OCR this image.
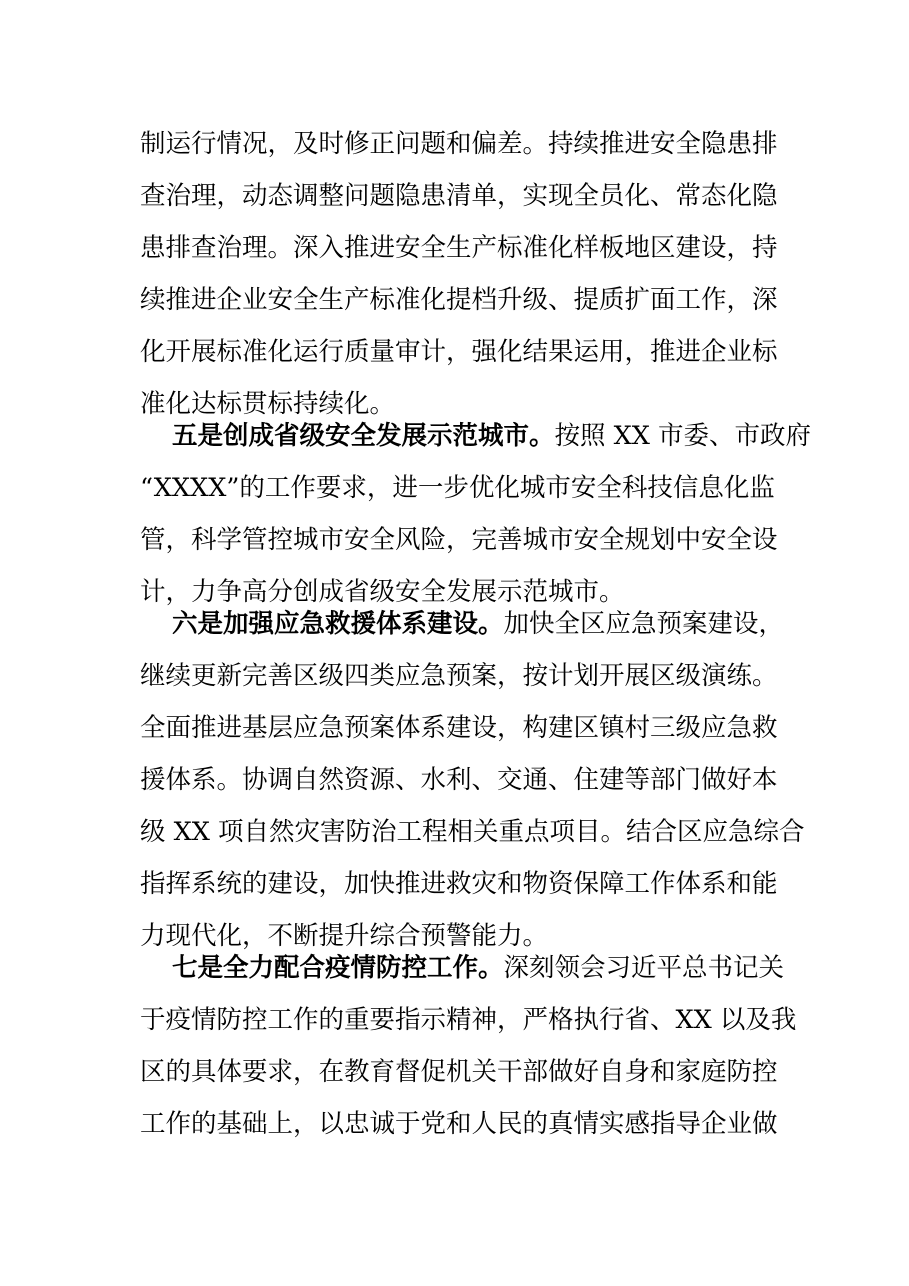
制运行情况，及时修正问题和偏差。持续推进安全隐患排
查治理，动态调整问题隐患清单，实现全员化、常态化隐
患排查治理。深入推进安全生产标准化样板地区建设，持
续推进企业安全生产标准化提档升级、提质扩面工作，深
化开展标准化运行质量审计，强化结果运用，推进企业标
准化达标贯标持续化。
五是创成省级安全发展示范城市。按照 XX 市委、市政府
“XXXX”的工作要求，进一步优化城市安全科技信息化监
管，科学管控城市安全风险，完善城市安全规划中安全设
计，力争高分创成省级安全发展示范城市。
六是加强应急救援体系建设。加快全区应急预案建设，
继续更新完善区级四类应急预案，按计划开展区级演练。
全面推进基层应急预案体系建设，构建区镇村三级应急救
援体系。协调自然资源、水利、交通、住建等部门做好本
级 XX 项自然灾害防治工程相关重点项目。结合区应急综合
指挥系统的建设，加快推进救灾和物资保障工作体系和能
力现代化，不断提升综合预警能力。
七是全力配合疫情防控工作。深刻领会习近平总书记关
于疫情防控工作的重要指示精神，严格执行省、XX 以及我
区的具体要求，在教育督促机关干部做好自身和家庭防控
工作的基础上，以忠诚于党和人民的真情实感指导企业做
